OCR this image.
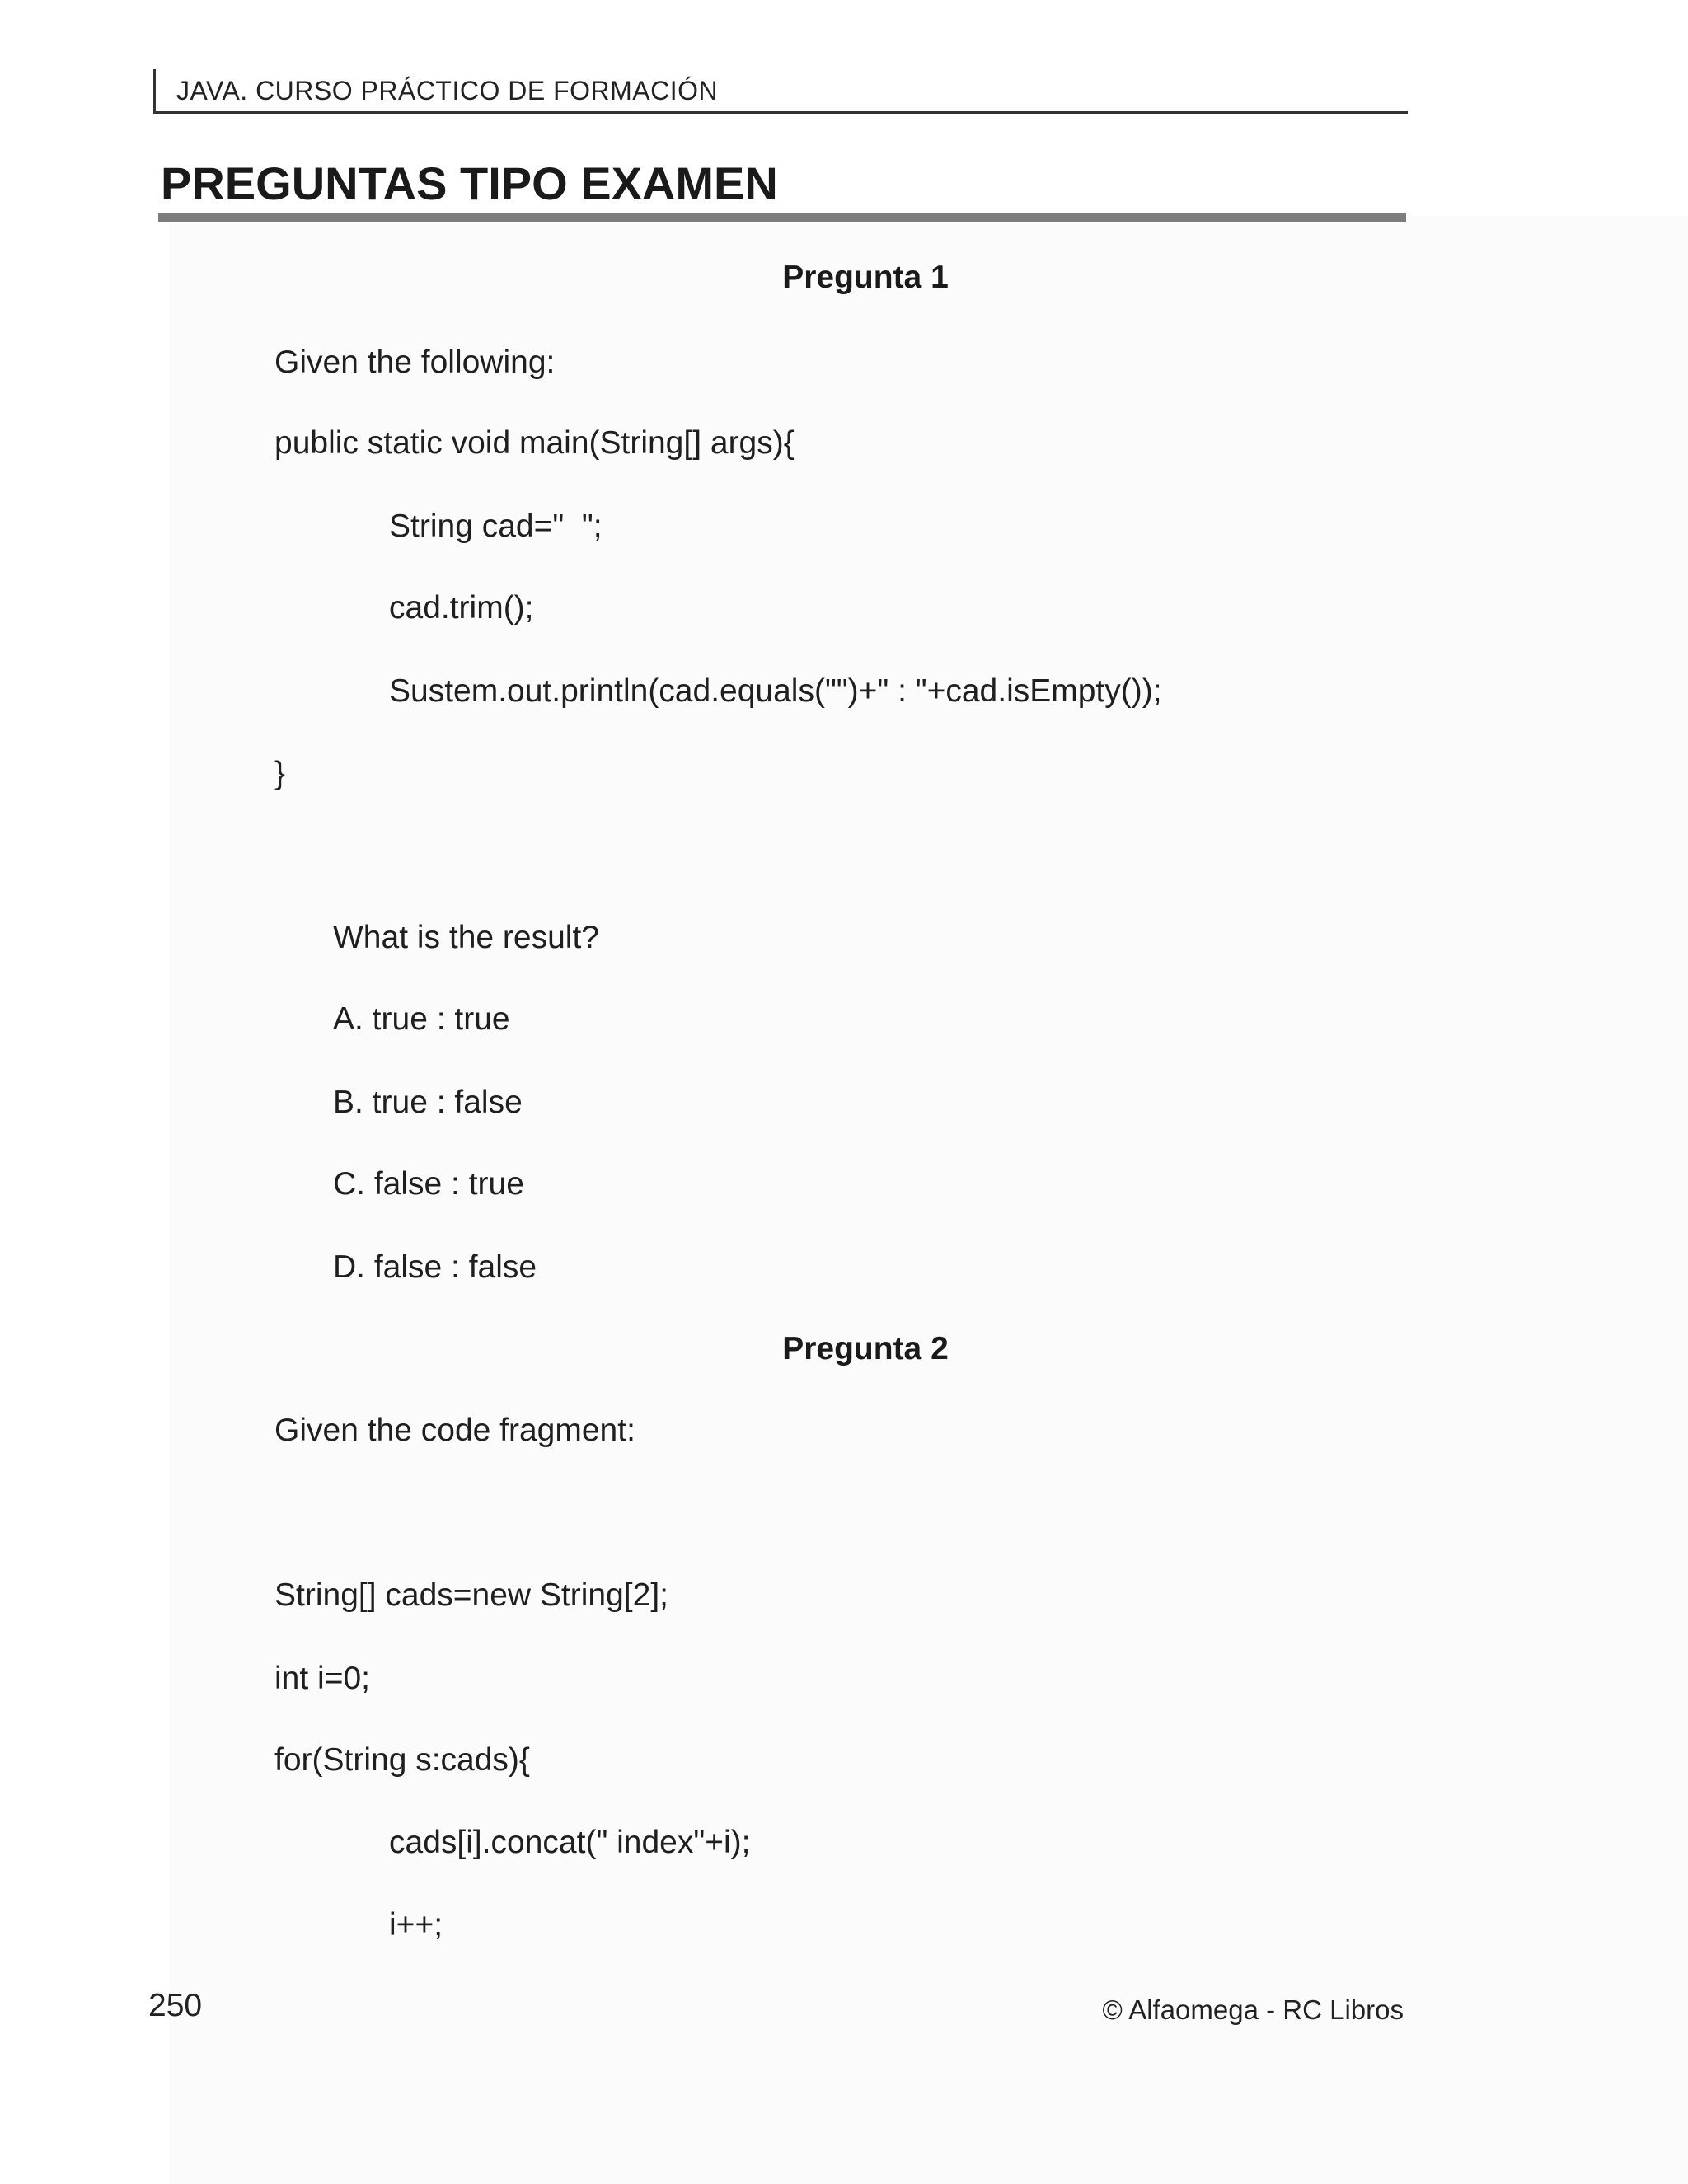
JAVA. CURSO PRÁCTICO DE FORMACIÓN
PREGUNTAS TIPO EXAMEN
Pregunta 1
Given the following:
public static void main(String[] args){
String cad="  ";
cad.trim();
Sustem.out.println(cad.equals("")+" : "+cad.isEmpty());
}
What is the result?
A. true : true
B. true : false
C. false : true
D. false : false
Pregunta 2
Given the code fragment:
String[] cads=new String[2];
int i=0;
for(String s:cads){
cads[i].concat(" index"+i);
i++;
250	© Alfaomega - RC Libros
